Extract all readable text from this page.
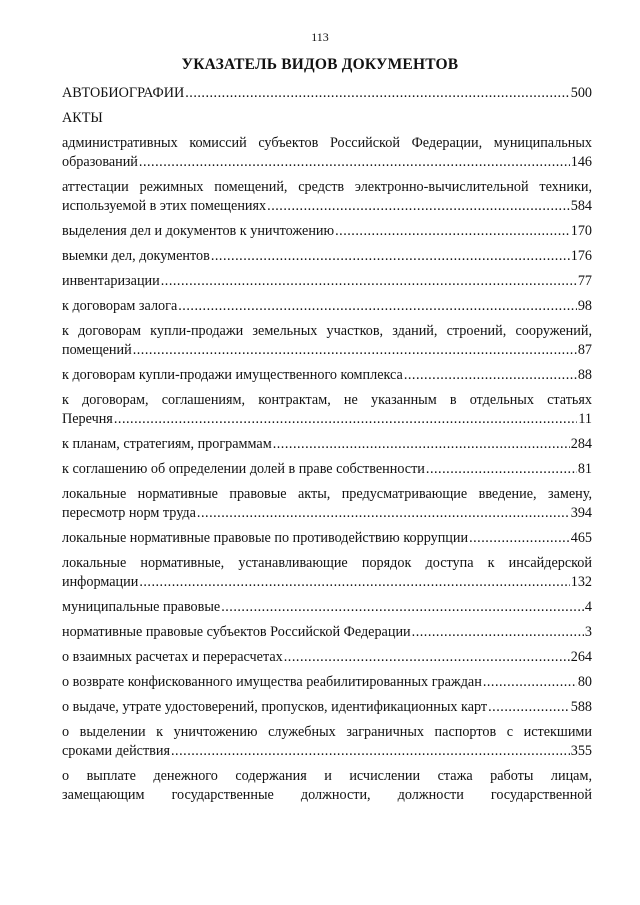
113
УКАЗАТЕЛЬ ВИДОВ ДОКУМЕНТОВ
АВТОБИОГРАФИИ .....	500
АКТЫ
административных комиссий субъектов Российской Федерации, муниципальных
образований .....	146
аттестации режимных помещений, средств электронно-вычислительной техники,
используемой в этих помещениях .....	584
выделения дел и документов к уничтожению .....	170
выемки дел, документов .....	176
инвентаризации .....	77
к договорам залога .....	98
к договорам купли-продажи земельных участков, зданий, строений, сооружений,
помещений .....	87
к договорам купли-продажи имущественного комплекса .....	88
к договорам, соглашениям, контрактам, не указанным в отдельных статьях
Перечня .....	11
к планам, стратегиям, программам .....	284
к соглашению об определении долей в праве собственности .....	81
локальные нормативные правовые акты, предусматривающие введение, замену,
пересмотр норм труда .....	394
локальные нормативные правовые по противодействию коррупции .....	465
локальные нормативные, устанавливающие порядок доступа к инсайдерской
информации .....	132
муниципальные правовые .....	4
нормативные правовые субъектов Российской Федерации .....	3
о взаимных расчетах и перерасчетах .....	264
о возврате конфискованного имущества реабилитированных граждан .....	80
о выдаче, утрате удостоверений, пропусков, идентификационных карт .....	588
о выделении к уничтожению служебных заграничных паспортов с истекшими
сроками действия .....	355
о выплате денежного содержания и исчислении стажа работы лицам,
замещающим государственные должности, должности государственной
